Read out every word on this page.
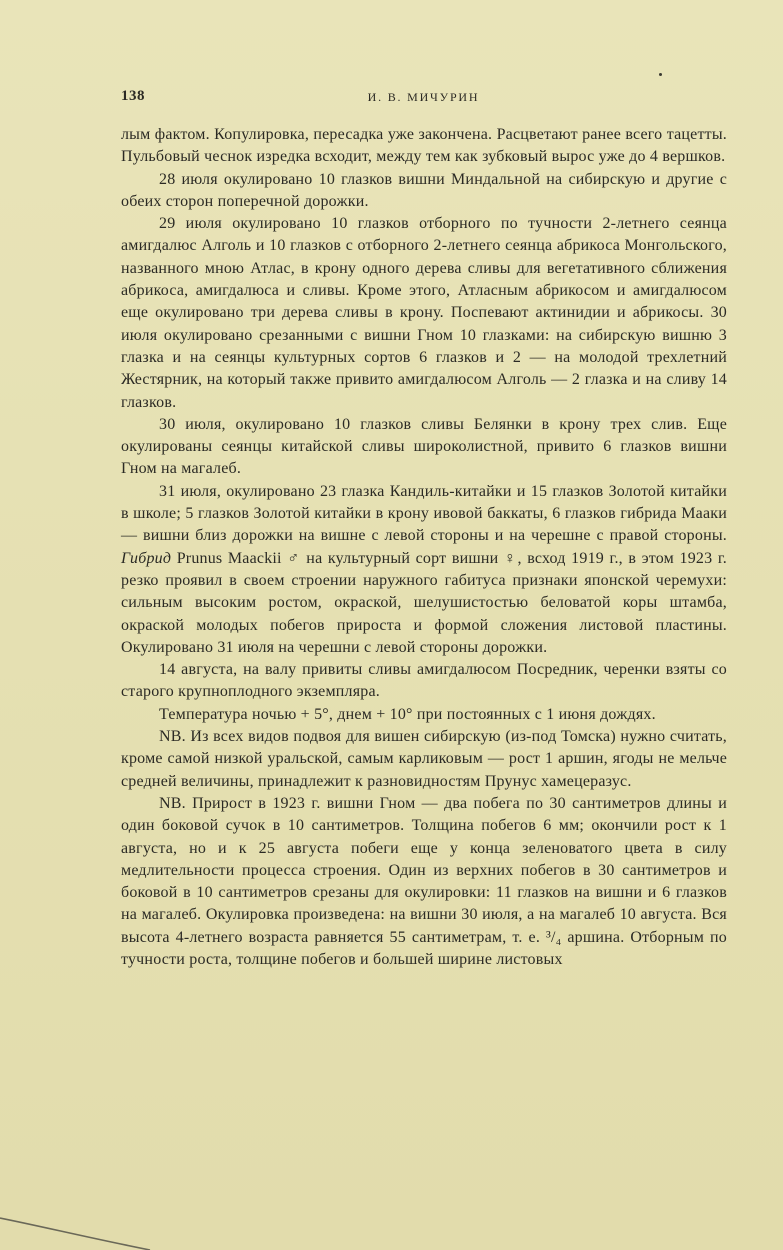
138	И. В. МИЧУРИН

лым фактом. Копулировка, пересадка уже закончена. Расцветают ранее всего тацетты. Пульбовый чеснок изредка всходит, между тем как зубковый вырос уже до 4 вершков.

28 июля окулировано 10 глазков вишни Миндальной на сибирскую и другие с обеих сторон поперечной дорожки.

29 июля окулировано 10 глазков отборного по тучности 2-летнего сеянца амигдалюс Алголь и 10 глазков с отборного 2-летнего сеянца абрикоса Монгольского, названного мною Атлас, в крону одного дерева сливы для вегетативного сближения абрикоса, амигдалюса и сливы. Кроме этого, Атласным абрикосом и амигдалюсом еще окулировано три дерева сливы в крону. Поспевают актинидии и абрикосы. 30 июля окулировано срезанными с вишни Гном 10 глазками: на сибирскую вишню 3 глазка и на сеянцы культурных сортов 6 глазков и 2 — на молодой трехлетний Жестярник, на который также привито амигдалюсом Алголь — 2 глазка и на сливу 14 глазков.

30 июля, окулировано 10 глазков сливы Белянки в крону трех слив. Еще окулированы сеянцы китайской сливы широколистной, привито 6 глазков вишни Гном на магалеб.

31 июля, окулировано 23 глазка Кандиль-китайки и 15 глазков Золотой китайки в школе; 5 глазков Золотой китайки в крону ивовой баккаты, 6 глазков гибрида Мааки — вишни близ дорожки на вишне с левой стороны и на черешне с правой стороны. Гибрид Prunus Maackii ♂ на культурный сорт вишни ♀, всход 1919 г., в этом 1923 г. резко проявил в своем строении наружного габитуса признаки японской черемухи: сильным высоким ростом, окраской, шелушистостью беловатой коры штамба, окраской молодых побегов прироста и формой сложения листовой пластины. Окулировано 31 июля на черешни с левой стороны дорожки.

14 августа, на валу привиты сливы амигдалюсом Посредник, черенки взяты со старого крупноплодного экземпляра.

Температура ночью + 5°, днем + 10° при постоянных с 1 июня дождях.

NB. Из всех видов подвоя для вишен сибирскую (из-под Томска) нужно считать, кроме самой низкой уральской, самым карликовым — рост 1 аршин, ягоды не мельче средней величины, принадлежит к разновидностям Прунус хамецеразус.

NB. Прирост в 1923 г. вишни Гном — два побега по 30 сантиметров длины и один боковой сучок в 10 сантиметров. Толщина побегов 6 мм; окончили рост к 1 августа, но и к 25 августа побеги еще у конца зеленоватого цвета в силу медлительности процесса строения. Один из верхних побегов в 30 сантиметров и боковой в 10 сантиметров срезаны для окулировки: 11 глазков на вишни и 6 глазков на магалеб. Окулировка произведена: на вишни 30 июля, а на магалеб 10 августа. Вся высота 4-летнего возраста равняется 55 сантиметрам, т. е. ³/₄ аршина. Отборным по тучности роста, толщине побегов и большей ширине листовых
